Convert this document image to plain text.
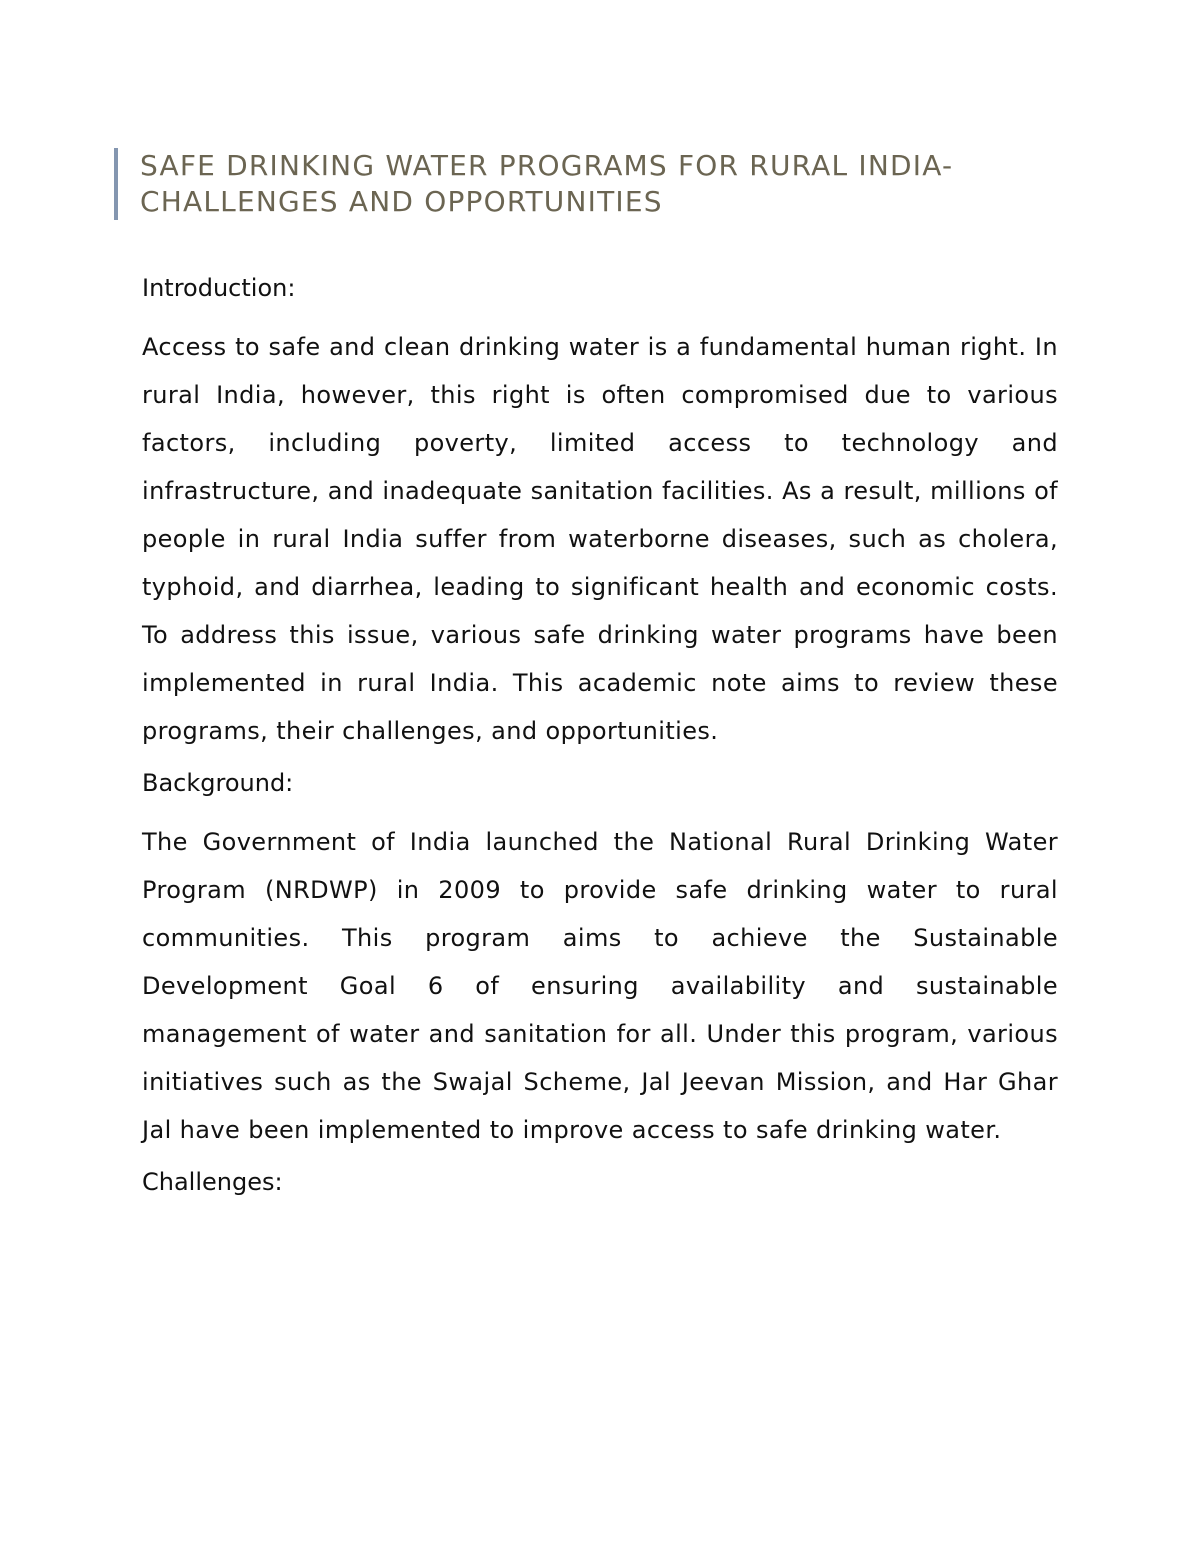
SAFE DRINKING WATER PROGRAMS FOR RURAL INDIA-
CHALLENGES AND OPPORTUNITIES

Introduction:

Access to safe and clean drinking water is a fundamental human right. In rural India, however, this right is often compromised due to various factors, including poverty, limited access to technology and infrastructure, and inadequate sanitation facilities. As a result, millions of people in rural India suffer from waterborne diseases, such as cholera, typhoid, and diarrhea, leading to significant health and economic costs. To address this issue, various safe drinking water programs have been implemented in rural India. This academic note aims to review these programs, their challenges, and opportunities.

Background:

The Government of India launched the National Rural Drinking Water Program (NRDWP) in 2009 to provide safe drinking water to rural communities. This program aims to achieve the Sustainable Development Goal 6 of ensuring availability and sustainable management of water and sanitation for all. Under this program, various initiatives such as the Swajal Scheme, Jal Jeevan Mission, and Har Ghar Jal have been implemented to improve access to safe drinking water.

Challenges:
